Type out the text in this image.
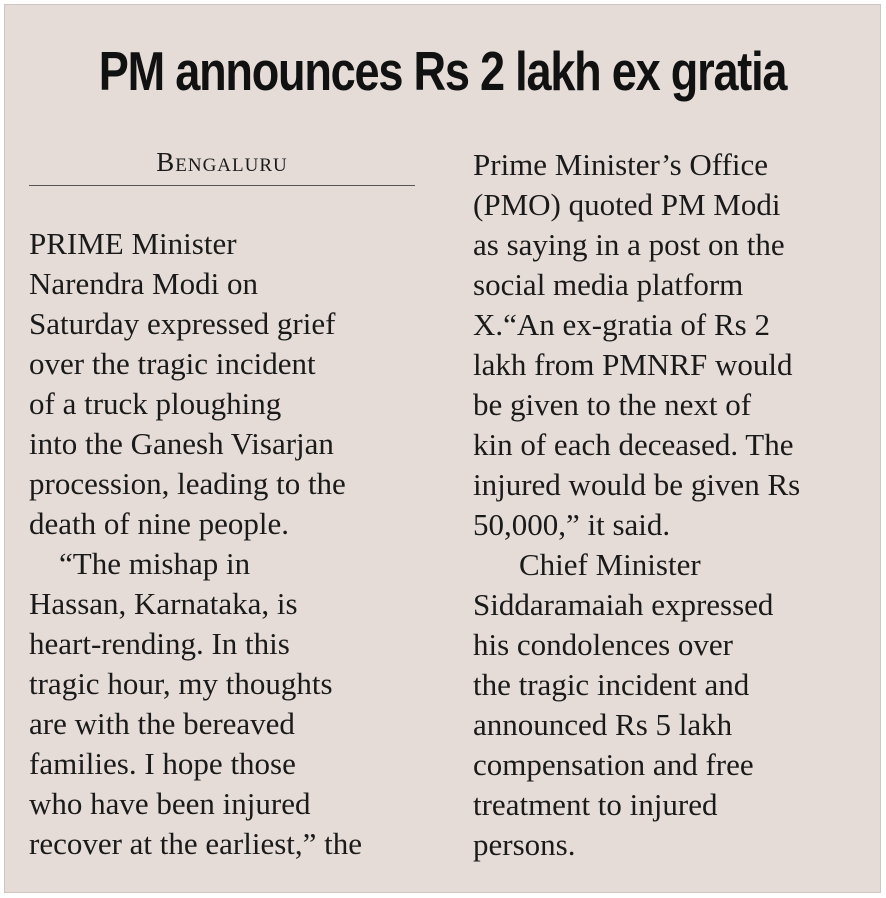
PM announces Rs 2 lakh ex gratia
Bengaluru
PRIME Minister
Narendra Modi on
Saturday expressed grief
over the tragic incident
of a truck ploughing
into the Ganesh Visarjan
procession, leading to the
death of nine people.
“The mishap in
Hassan, Karnataka, is
heart-rending. In this
tragic hour, my thoughts
are with the bereaved
families. I hope those
who have been injured
recover at the earliest,” the
Prime Minister’s Office
(PMO) quoted PM Modi
as saying in a post on the
social media platform
X.“An ex-gratia of Rs 2
lakh from PMNRF would
be given to the next of
kin of each deceased. The
injured would be given Rs
50,000,” it said.
Chief Minister
Siddaramaiah expressed
his condolences over
the tragic incident and
announced Rs 5 lakh
compensation and free
treatment to injured
persons.
